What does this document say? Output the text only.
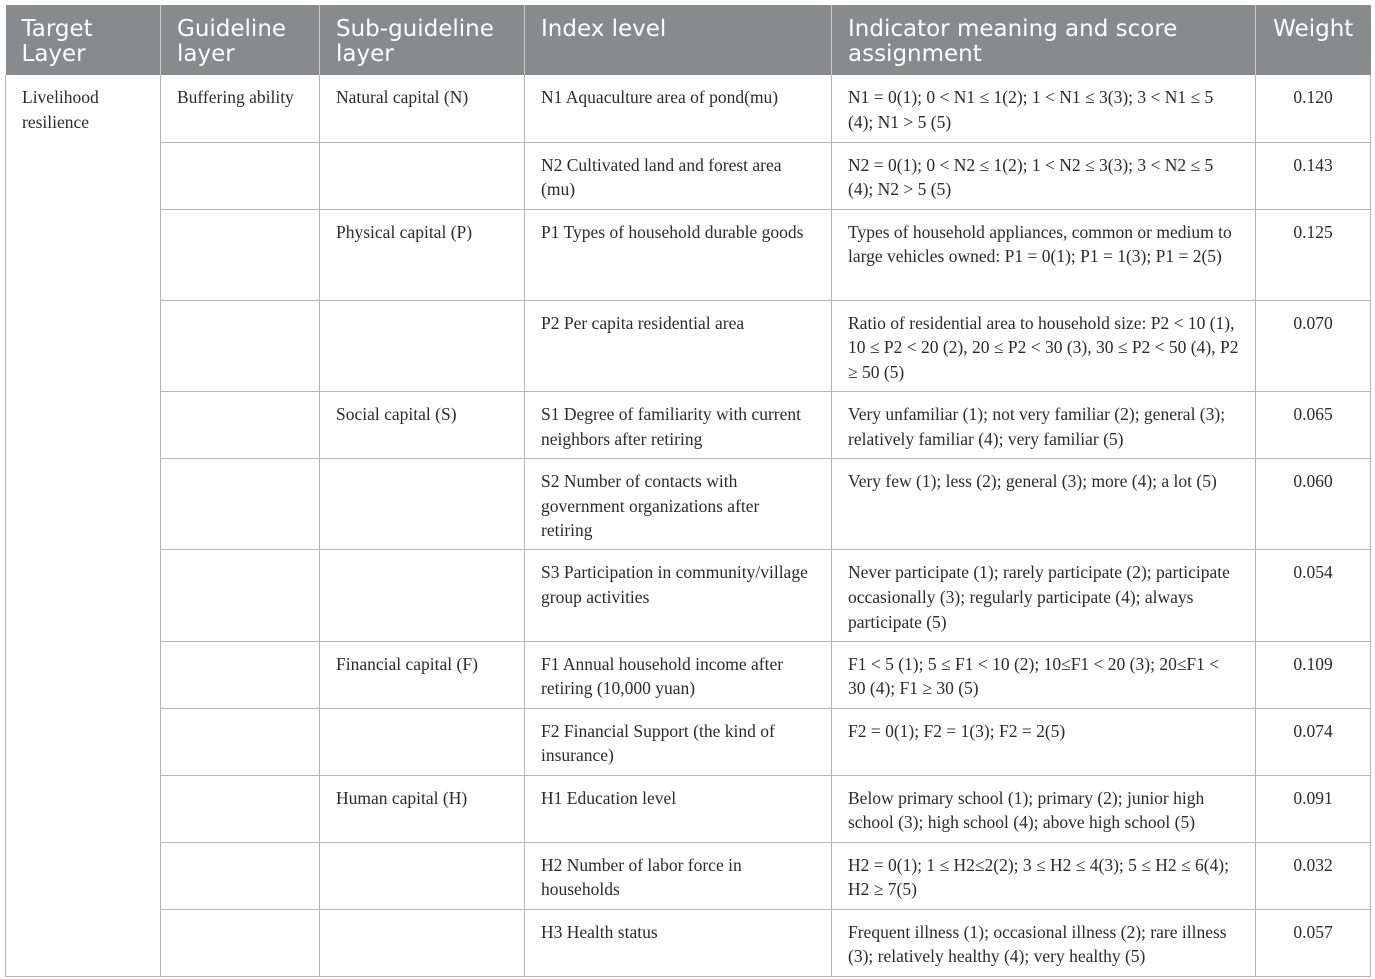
Target Layer	Guideline layer	Sub-guideline layer	Index level	Indicator meaning and score assignment	Weight
Livelihood resilience	Buffering ability	Natural capital (N)	N1 Aquaculture area of pond(mu)	N1 = 0(1); 0 < N1 ≤ 1(2); 1 < N1 ≤ 3(3); 3 < N1 ≤ 5 (4); N1 > 5 (5)	0.120
			N2 Cultivated land and forest area (mu)	N2 = 0(1); 0 < N2 ≤ 1(2); 1 < N2 ≤ 3(3); 3 < N2 ≤ 5 (4); N2 > 5 (5)	0.143
		Physical capital (P)	P1 Types of household durable goods	Types of household appliances, common or medium to large vehicles owned: P1 = 0(1); P1 = 1(3); P1 = 2(5)	0.125
			P2 Per capita residential area	Ratio of residential area to household size: P2 < 10 (1), 10 ≤ P2 < 20 (2), 20 ≤ P2 < 30 (3), 30 ≤ P2 < 50 (4), P2 ≥ 50 (5)	0.070
		Social capital (S)	S1 Degree of familiarity with current neighbors after retiring	Very unfamiliar (1); not very familiar (2); general (3); relatively familiar (4); very familiar (5)	0.065
			S2 Number of contacts with government organizations after retiring	Very few (1); less (2); general (3); more (4); a lot (5)	0.060
			S3 Participation in community/village group activities	Never participate (1); rarely participate (2); participate occasionally (3); regularly participate (4); always participate (5)	0.054
		Financial capital (F)	F1 Annual household income after retiring (10,000 yuan)	F1 < 5 (1); 5 ≤ F1 < 10 (2); 10≤F1 < 20 (3); 20≤F1 < 30 (4); F1 ≥ 30 (5)	0.109
			F2 Financial Support (the kind of insurance)	F2 = 0(1); F2 = 1(3); F2 = 2(5)	0.074
		Human capital (H)	H1 Education level	Below primary school (1); primary (2); junior high school (3); high school (4); above high school (5)	0.091
			H2 Number of labor force in households	H2 = 0(1); 1 ≤ H2≤2(2); 3 ≤ H2 ≤ 4(3); 5 ≤ H2 ≤ 6(4); H2 ≥ 7(5)	0.032
			H3 Health status	Frequent illness (1); occasional illness (2); rare illness (3); relatively healthy (4); very healthy (5)	0.057
